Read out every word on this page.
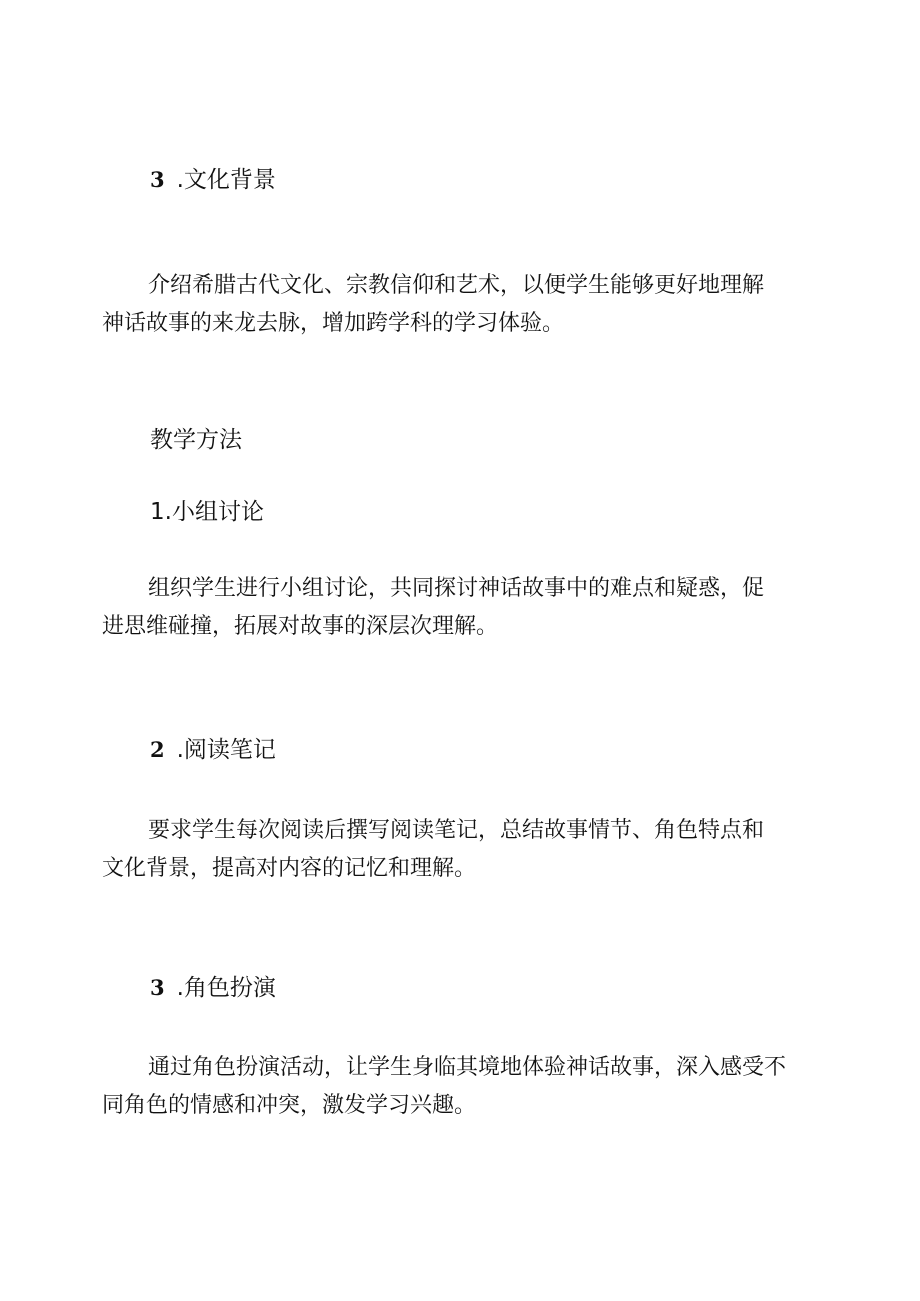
3 .文化背景
介绍希腊古代文化、宗教信仰和艺术，以便学生能够更好地理解
神话故事的来龙去脉，增加跨学科的学习体验。
教学方法
1.小组讨论
组织学生进行小组讨论，共同探讨神话故事中的难点和疑惑，促
进思维碰撞，拓展对故事的深层次理解。
2 .阅读笔记
要求学生每次阅读后撰写阅读笔记，总结故事情节、角色特点和
文化背景，提高对内容的记忆和理解。
3 .角色扮演
通过角色扮演活动，让学生身临其境地体验神话故事，深入感受不
同角色的情感和冲突，激发学习兴趣。
